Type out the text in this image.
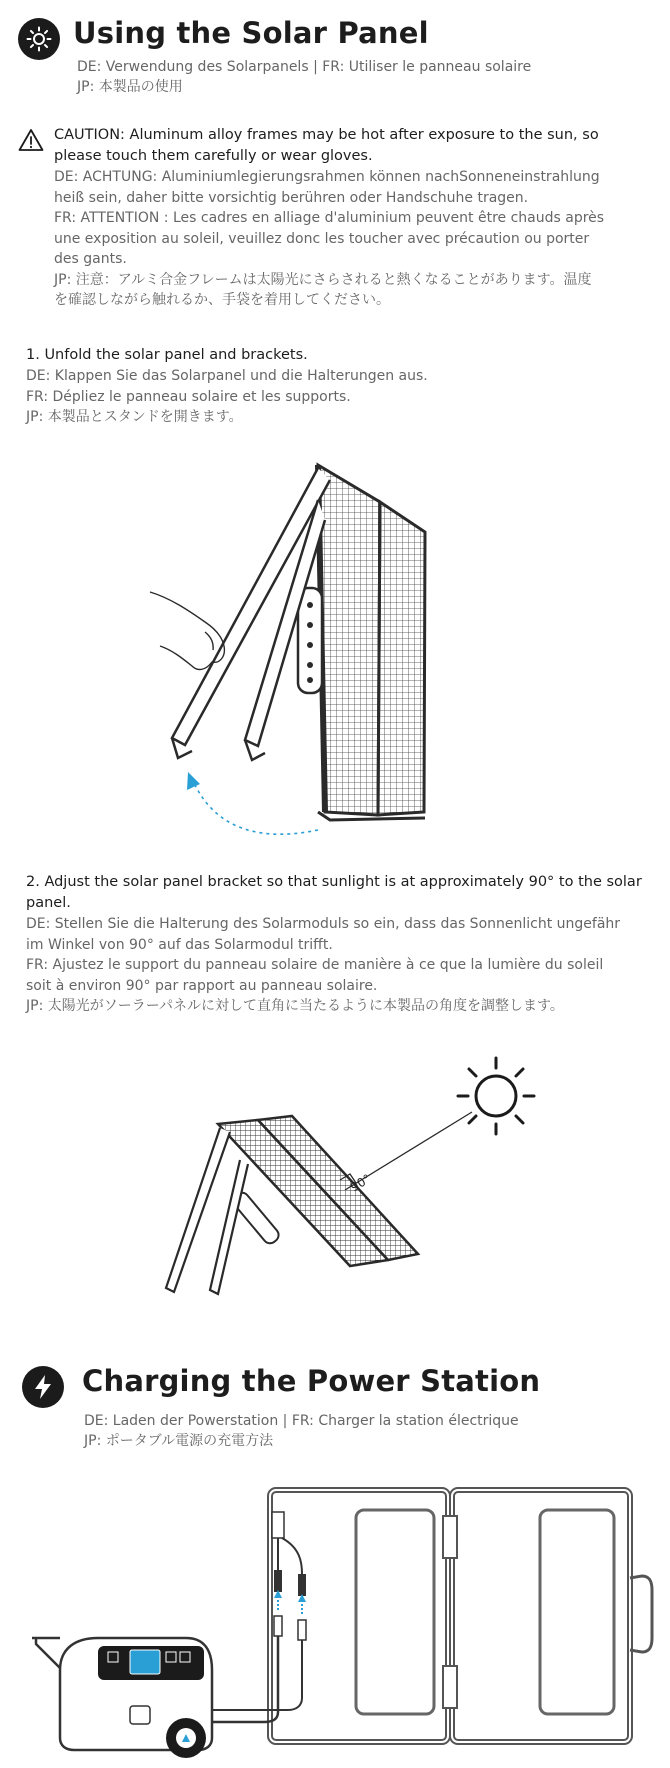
Using the Solar Panel
DE: Verwendung des Solarpanels | FR: Utiliser le panneau solaire
JP: 本製品の使用
CAUTION: Aluminum alloy frames may be hot after exposure to the sun, so
please touch them carefully or wear gloves.
DE: ACHTUNG: Aluminiumlegierungsrahmen können nachSonneneinstrahlung
heiß sein, daher bitte vorsichtig berühren oder Handschuhe tragen.
FR: ATTENTION : Les cadres en alliage d'aluminium peuvent être chauds après
une exposition au soleil, veuillez donc les toucher avec précaution ou porter
des gants.
JP: 注意：アルミ合金フレームは太陽光にさらされると熱くなることがあります。温度
を確認しながら触れるか、手袋を着用してください。
1. Unfold the solar panel and brackets.
DE: Klappen Sie das Solarpanel und die Halterungen aus.
FR: Dépliez le panneau solaire et les supports.
JP: 本製品とスタンドを開きます。
2. Adjust the solar panel bracket so that sunlight is at approximately 90° to the solar
panel.
DE: Stellen Sie die Halterung des Solarmoduls so ein, dass das Sonnenlicht ungefähr
im Winkel von 90° auf das Solarmodul trifft.
FR: Ajustez le support du panneau solaire de manière à ce que la lumière du soleil
soit à environ 90° par rapport au panneau solaire.
JP: 太陽光がソーラーパネルに対して直角に当たるように本製品の角度を調整します。
90°
Charging the Power Station
DE: Laden der Powerstation | FR: Charger la station électrique
JP: ポータブル電源の充電方法
